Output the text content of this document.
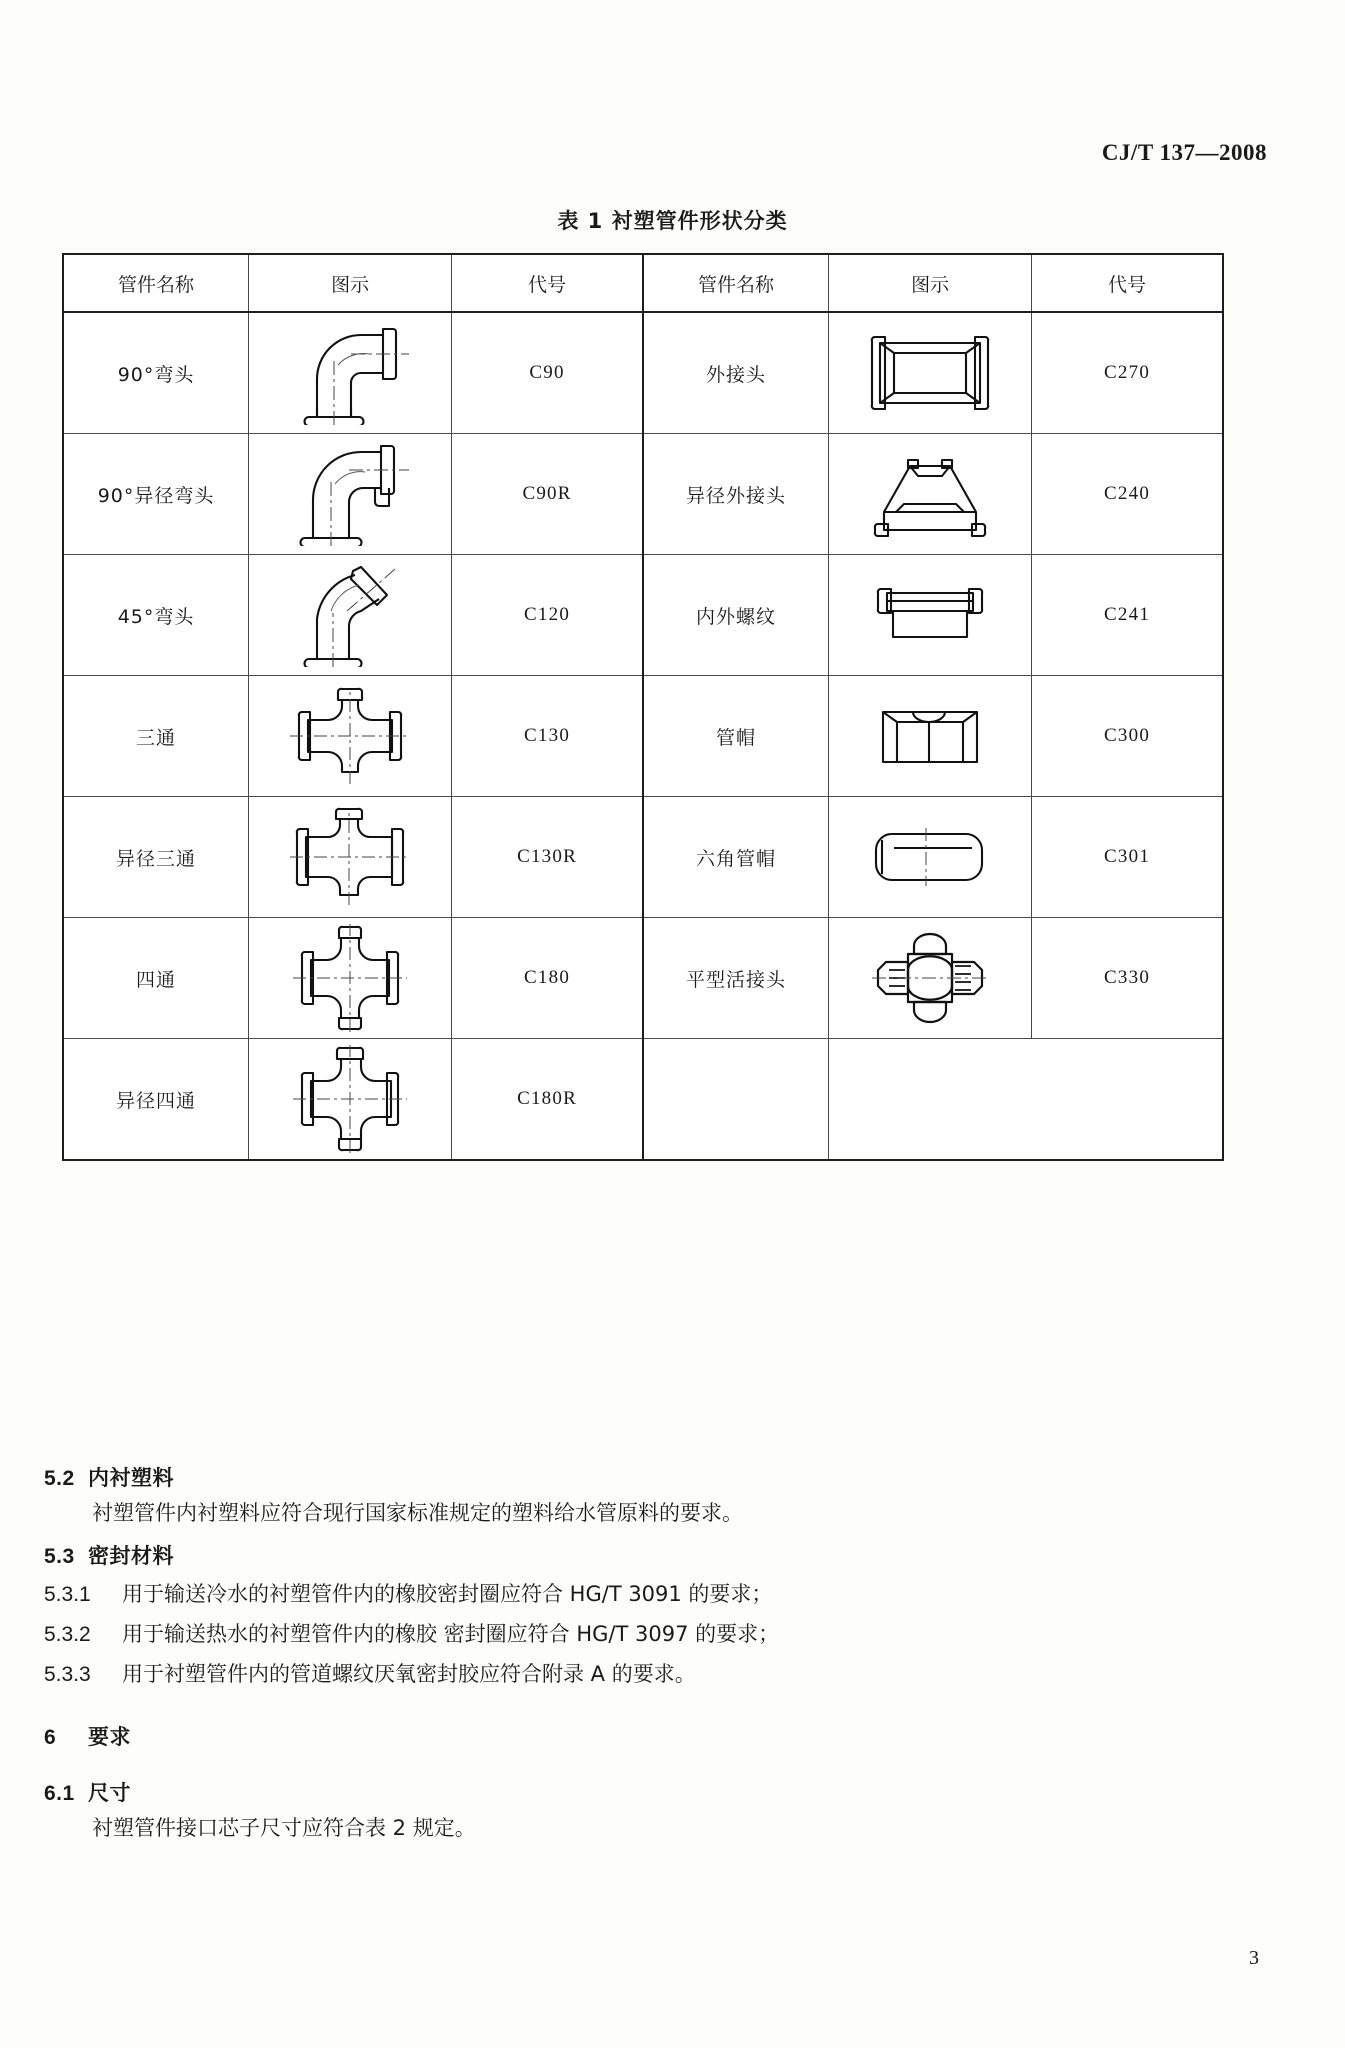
CJ/T 137—2008
表 1 衬塑管件形状分类
管件名称	图示	代号	管件名称	图示	代号
90°弯头		C90	外接头		C270
90°异径弯头		C90R	异径外接头		C240
45°弯头		C120	内外螺纹		C241
三通		C130	管帽		C300
异径三通		C130R	六角管帽		C301
四通		C180	平型活接头		C330
异径四通		C180R			
5.2 内衬塑料
衬塑管件内衬塑料应符合现行国家标准规定的塑料给水管原料的要求。
5.3 密封材料
5.3.1 用于输送冷水的衬塑管件内的橡胶密封圈应符合 HG/T 3091 的要求；
5.3.2 用于输送热水的衬塑管件内的橡胶 密封圈应符合 HG/T 3097 的要求；
5.3.3 用于衬塑管件内的管道螺纹厌氧密封胶应符合附录 A 的要求。
6 要求
6.1 尺寸
衬塑管件接口芯子尺寸应符合表 2 规定。
3
